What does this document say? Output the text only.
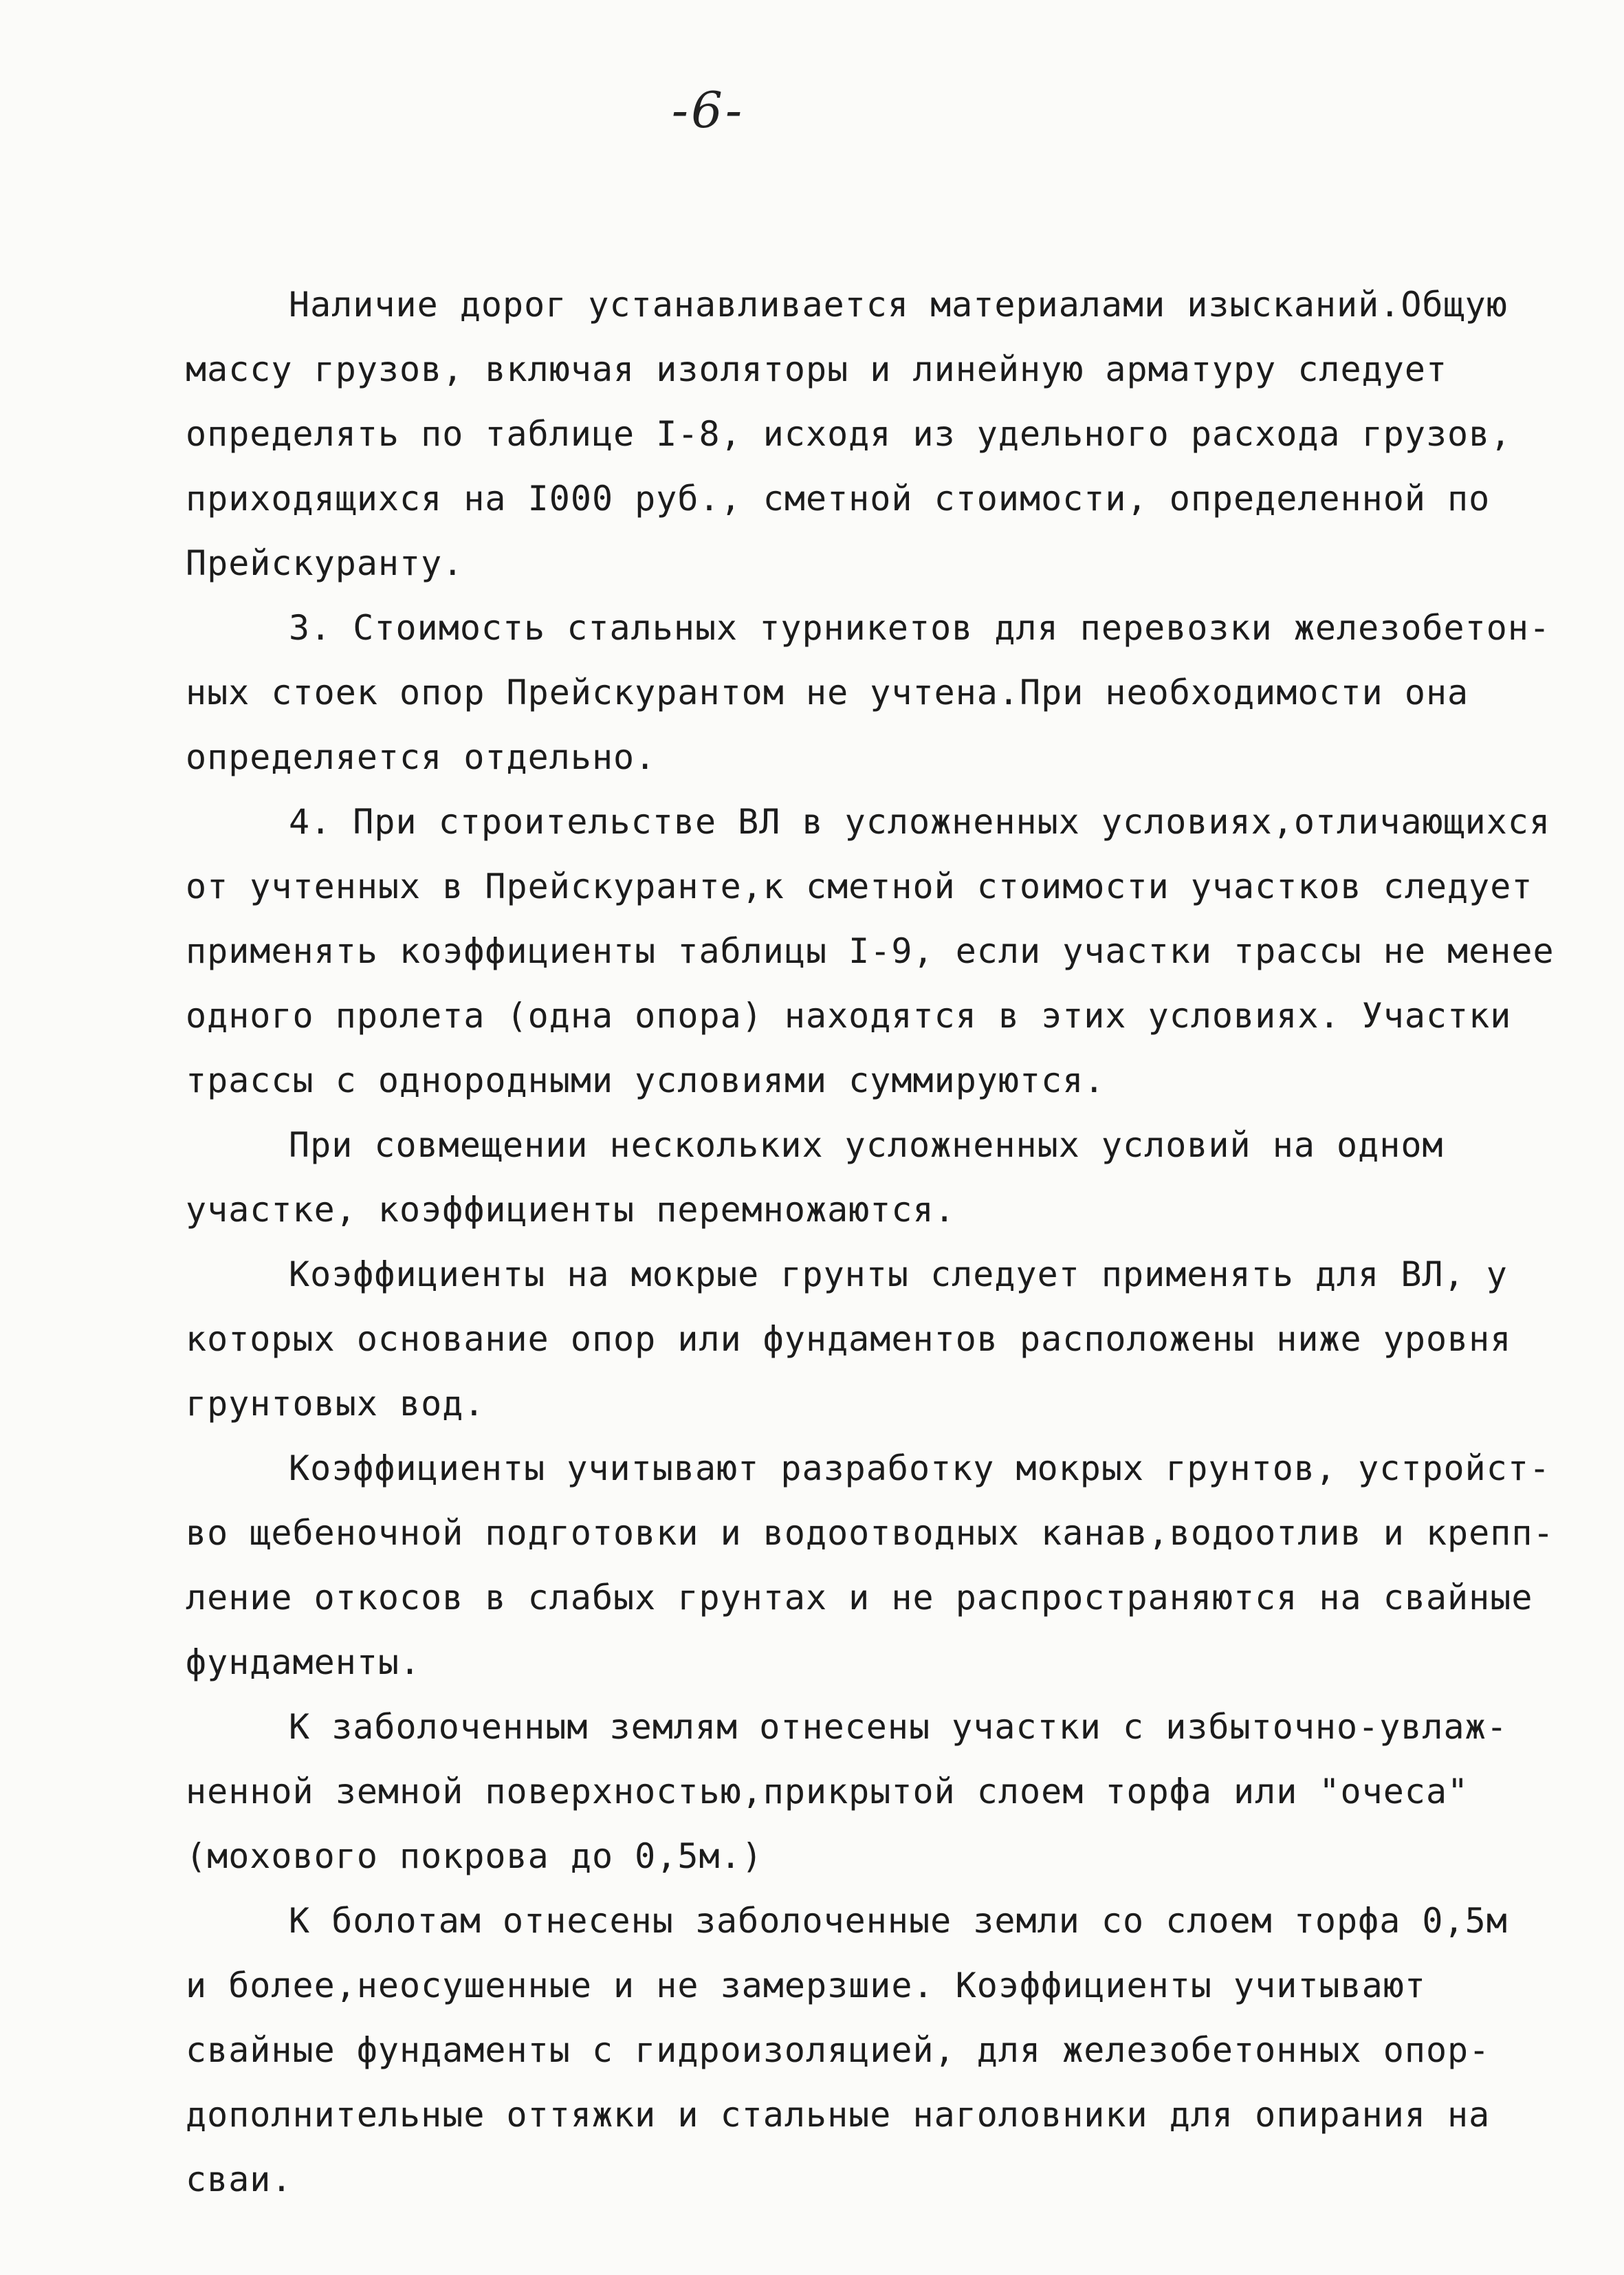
-6-

Наличие дорог устанавливается материалами изысканий.Общую
массу грузов, включая изоляторы и линейную арматуру следует
определять по таблице I-8, исходя из удельного расхода грузов,
приходящихся на I000 руб., сметной стоимости, определенной по
Прейскуранту.

3. Стоимость стальных турникетов для перевозки железобетон-
ных стоек опор Прейскурантом не учтена.При необходимости она
определяется отдельно.

4. При строительстве ВЛ в усложненных условиях,отличающихся
от учтенных в Прейскуранте,к сметной стоимости участков следует
применять коэффициенты таблицы I-9, если участки трассы не менее
одного пролета (одна опора) находятся в этих условиях. Участки
трассы с однородными условиями суммируются.

При совмещении нескольких усложненных условий на одном
участке, коэффициенты перемножаются.

Коэффициенты на мокрые грунты следует применять для ВЛ, у
которых основание опор или фундаментов расположены ниже уровня
грунтовых вод.

Коэффициенты учитывают разработку мокрых грунтов, устройст-
во щебеночной подготовки и водоотводных канав,водоотлив и крепп-
ление откосов в слабых грунтах и не распространяются на свайные
фундаменты.

К заболоченным землям отнесены участки с избыточно-увлаж-
ненной земной поверхностью,прикрытой слоем торфа или "очеса"
(мохового покрова до 0,5м.)

К болотам отнесены заболоченные земли со слоем торфа 0,5м
и более,неосушенные и не замерзшие. Коэффициенты учитывают
свайные фундаменты с гидроизоляцией, для железобетонных опор-
дополнительные оттяжки и стальные наголовники для опирания на
сваи.
